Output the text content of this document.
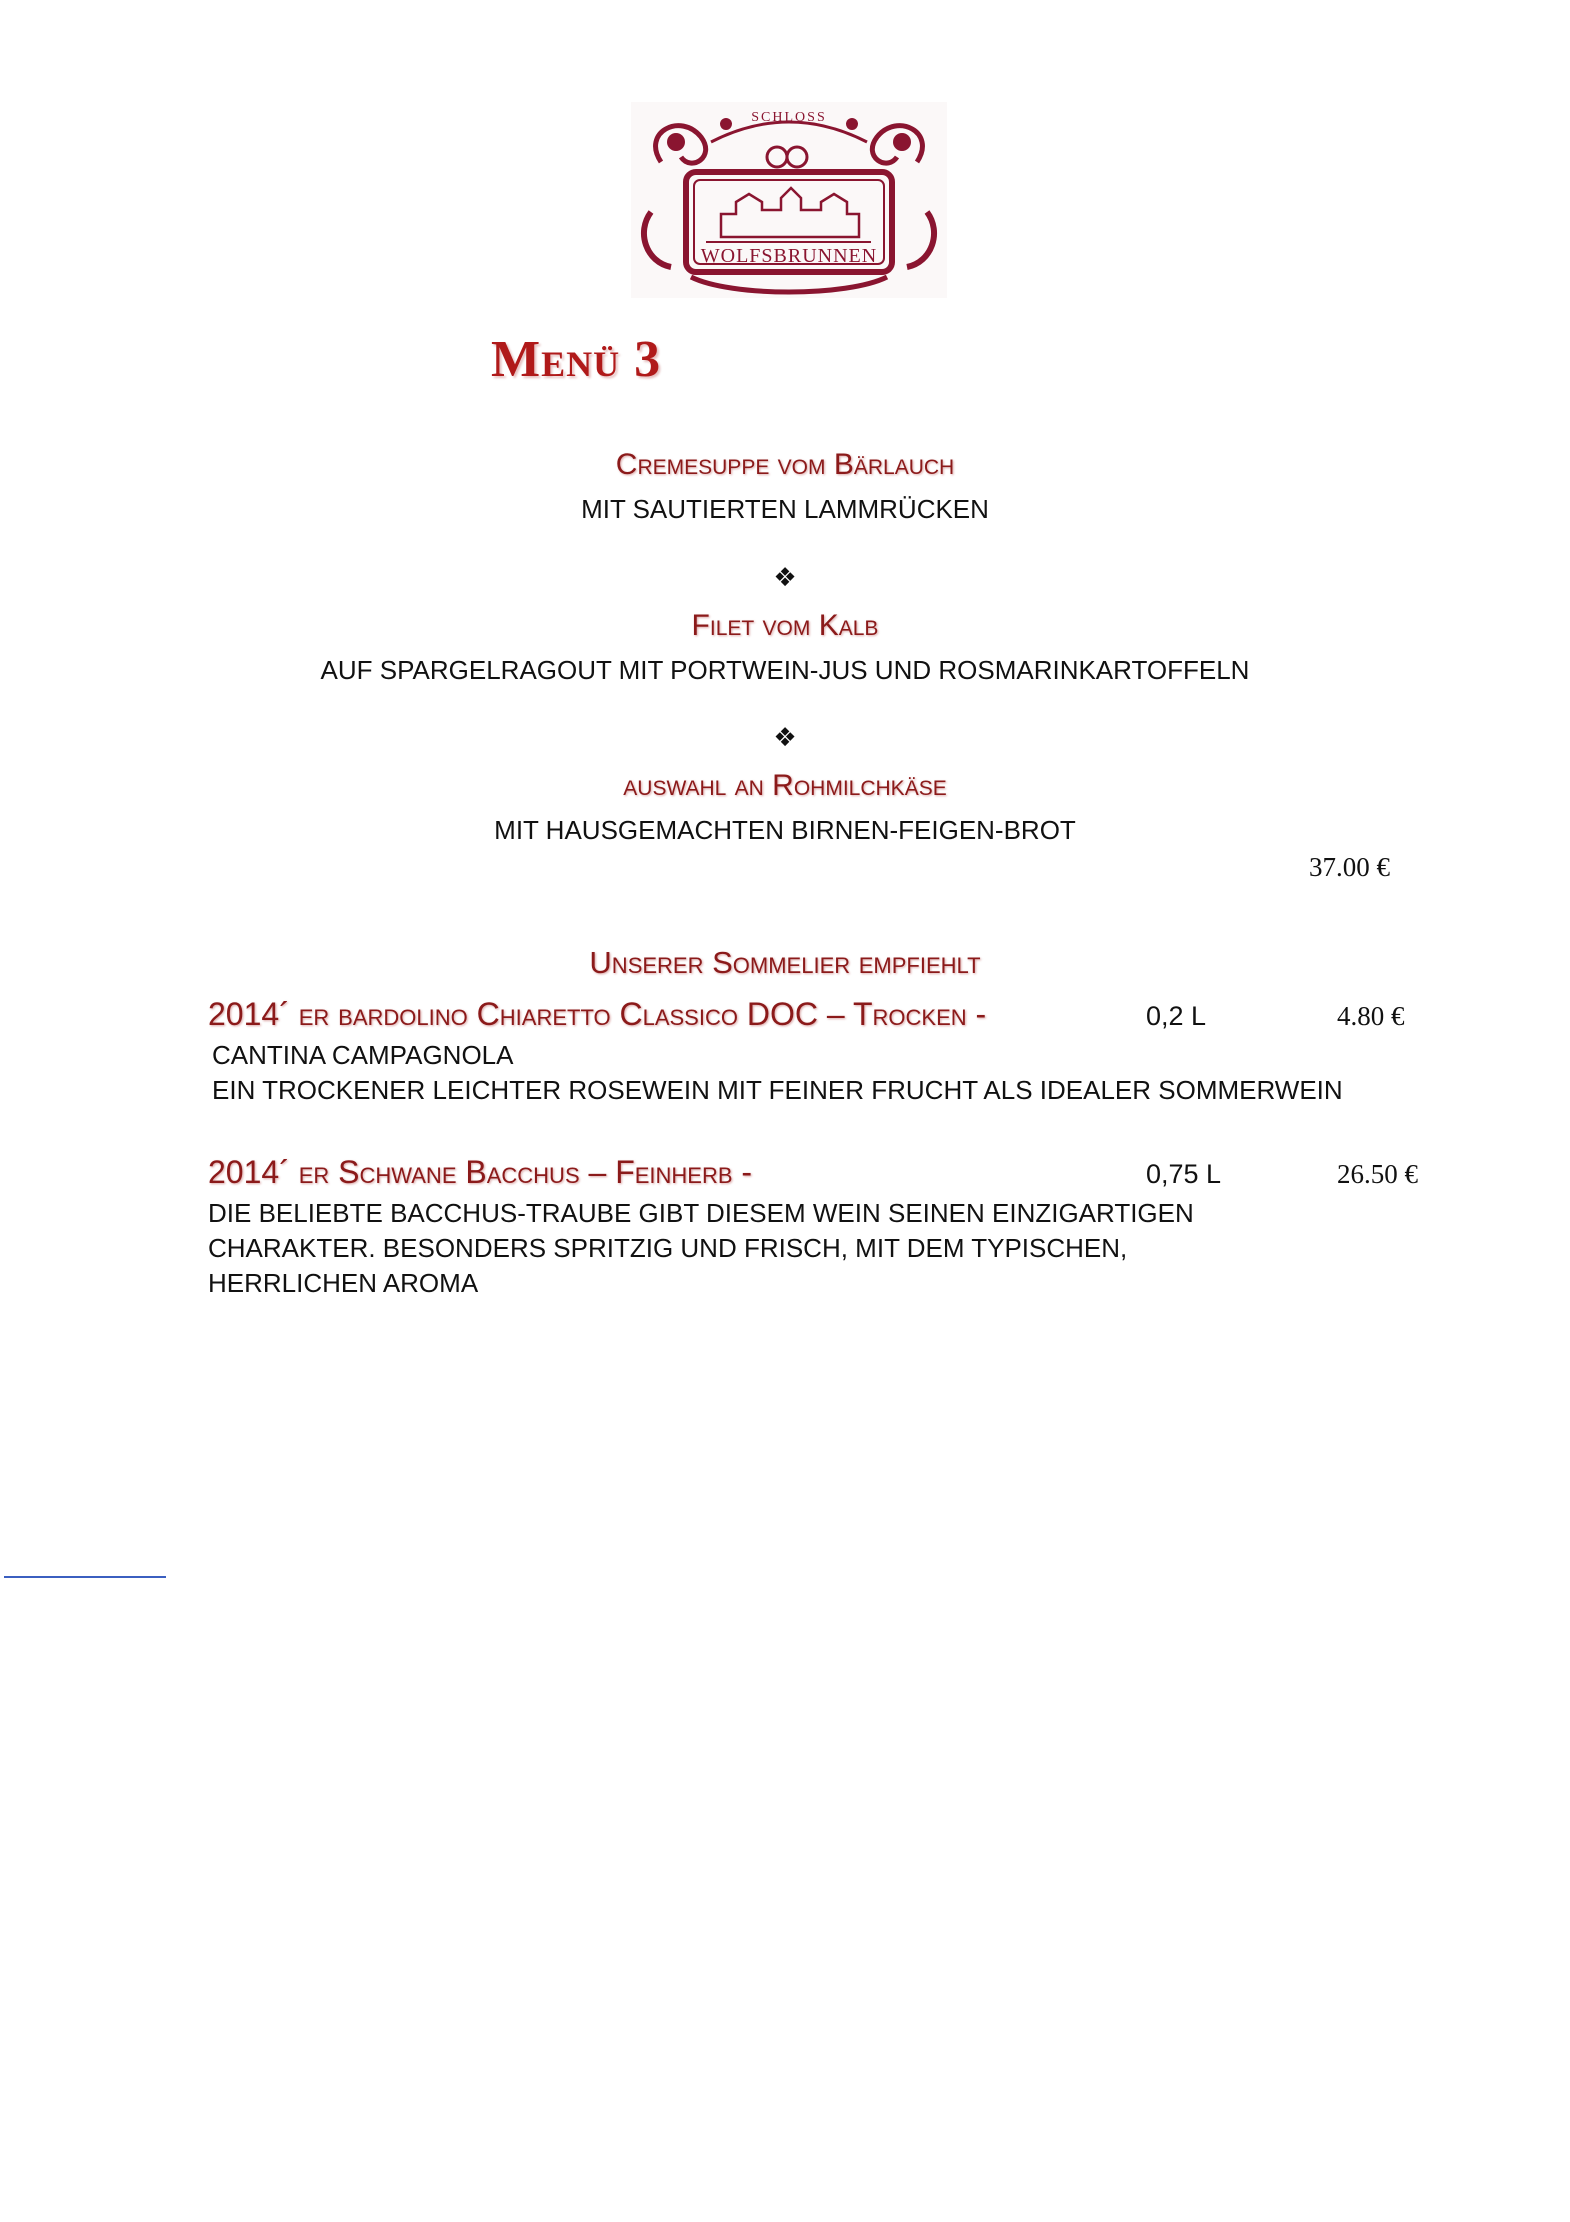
SCHLOSS
WOLFSBRUNNEN
Menü 3
Cremesuppe vom Bärlauch
MIT SAUTIERTEN LAMMRÜCKEN
❖
Filet vom Kalb
AUF SPARGELRAGOUT MIT PORTWEIN-JUS UND ROSMARINKARTOFFELN
❖
auswahl an Rohmilchkäse
MIT HAUSGEMACHTEN BIRNEN-FEIGEN-BROT
37.00 €
Unserer Sommelier empfiehlt
2014´ er bardolino Chiaretto Classico DOC – Trocken -	0,2 L	4.80 €
CANTINA CAMPAGNOLA
EIN TROCKENER LEICHTER ROSEWEIN MIT FEINER FRUCHT ALS IDEALER SOMMERWEIN
2014´ er Schwane Bacchus – Feinherb -	0,75 L	26.50 €
DIE BELIEBTE BACCHUS-TRAUBE GIBT DIESEM WEIN SEINEN EINZIGARTIGEN
CHARAKTER. BESONDERS SPRITZIG UND FRISCH, MIT DEM TYPISCHEN,
HERRLICHEN AROMA
